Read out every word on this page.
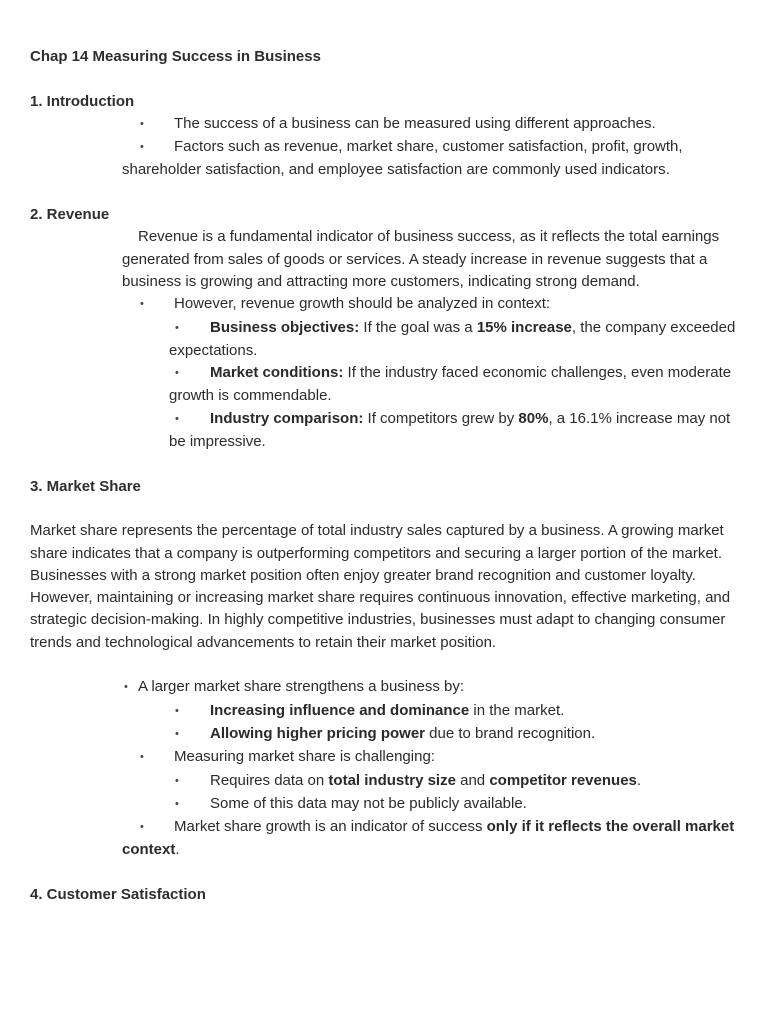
Chap 14 Measuring Success in Business
1. Introduction
• The success of a business can be measured using different approaches.
• Factors such as revenue, market share, customer satisfaction, profit, growth, shareholder satisfaction, and employee satisfaction are commonly used indicators.
2. Revenue
Revenue is a fundamental indicator of business success, as it reflects the total earnings generated from sales of goods or services. A steady increase in revenue suggests that a business is growing and attracting more customers, indicating strong demand.
• However, revenue growth should be analyzed in context:
• Business objectives: If the goal was a 15% increase, the company exceeded expectations.
• Market conditions: If the industry faced economic challenges, even moderate growth is commendable.
• Industry comparison: If competitors grew by 80%, a 16.1% increase may not be impressive.
3. Market Share
Market share represents the percentage of total industry sales captured by a business. A growing market share indicates that a company is outperforming competitors and securing a larger portion of the market. Businesses with a strong market position often enjoy greater brand recognition and customer loyalty. However, maintaining or increasing market share requires continuous innovation, effective marketing, and strategic decision-making. In highly competitive industries, businesses must adapt to changing consumer trends and technological advancements to retain their market position.
• A larger market share strengthens a business by:
• Increasing influence and dominance in the market.
• Allowing higher pricing power due to brand recognition.
• Measuring market share is challenging:
• Requires data on total industry size and competitor revenues.
• Some of this data may not be publicly available.
• Market share growth is an indicator of success only if it reflects the overall market context.
4. Customer Satisfaction
